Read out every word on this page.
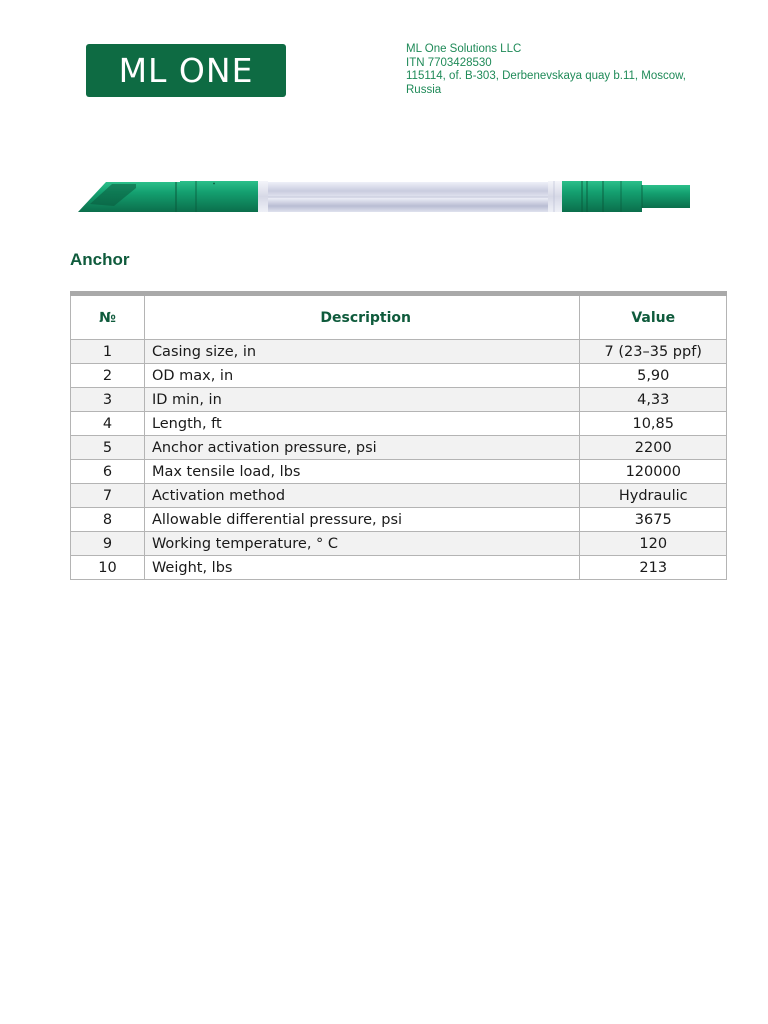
ML ONE
ML One Solutions LLC
ITN 7703428530
115114, of. B-303, Derbenevskaya quay b.11, Moscow,
Russia
Anchor
№	Description	Value
1	Casing size, in	7 (23–35 ppf)
2	OD max, in	5,90
3	ID min, in	4,33
4	Length, ft	10,85
5	Anchor activation pressure, psi	2200
6	Max tensile load, lbs	120000
7	Activation method	Hydraulic
8	Allowable differential pressure, psi	3675
9	Working temperature, ° C	120
10	Weight, lbs	213
